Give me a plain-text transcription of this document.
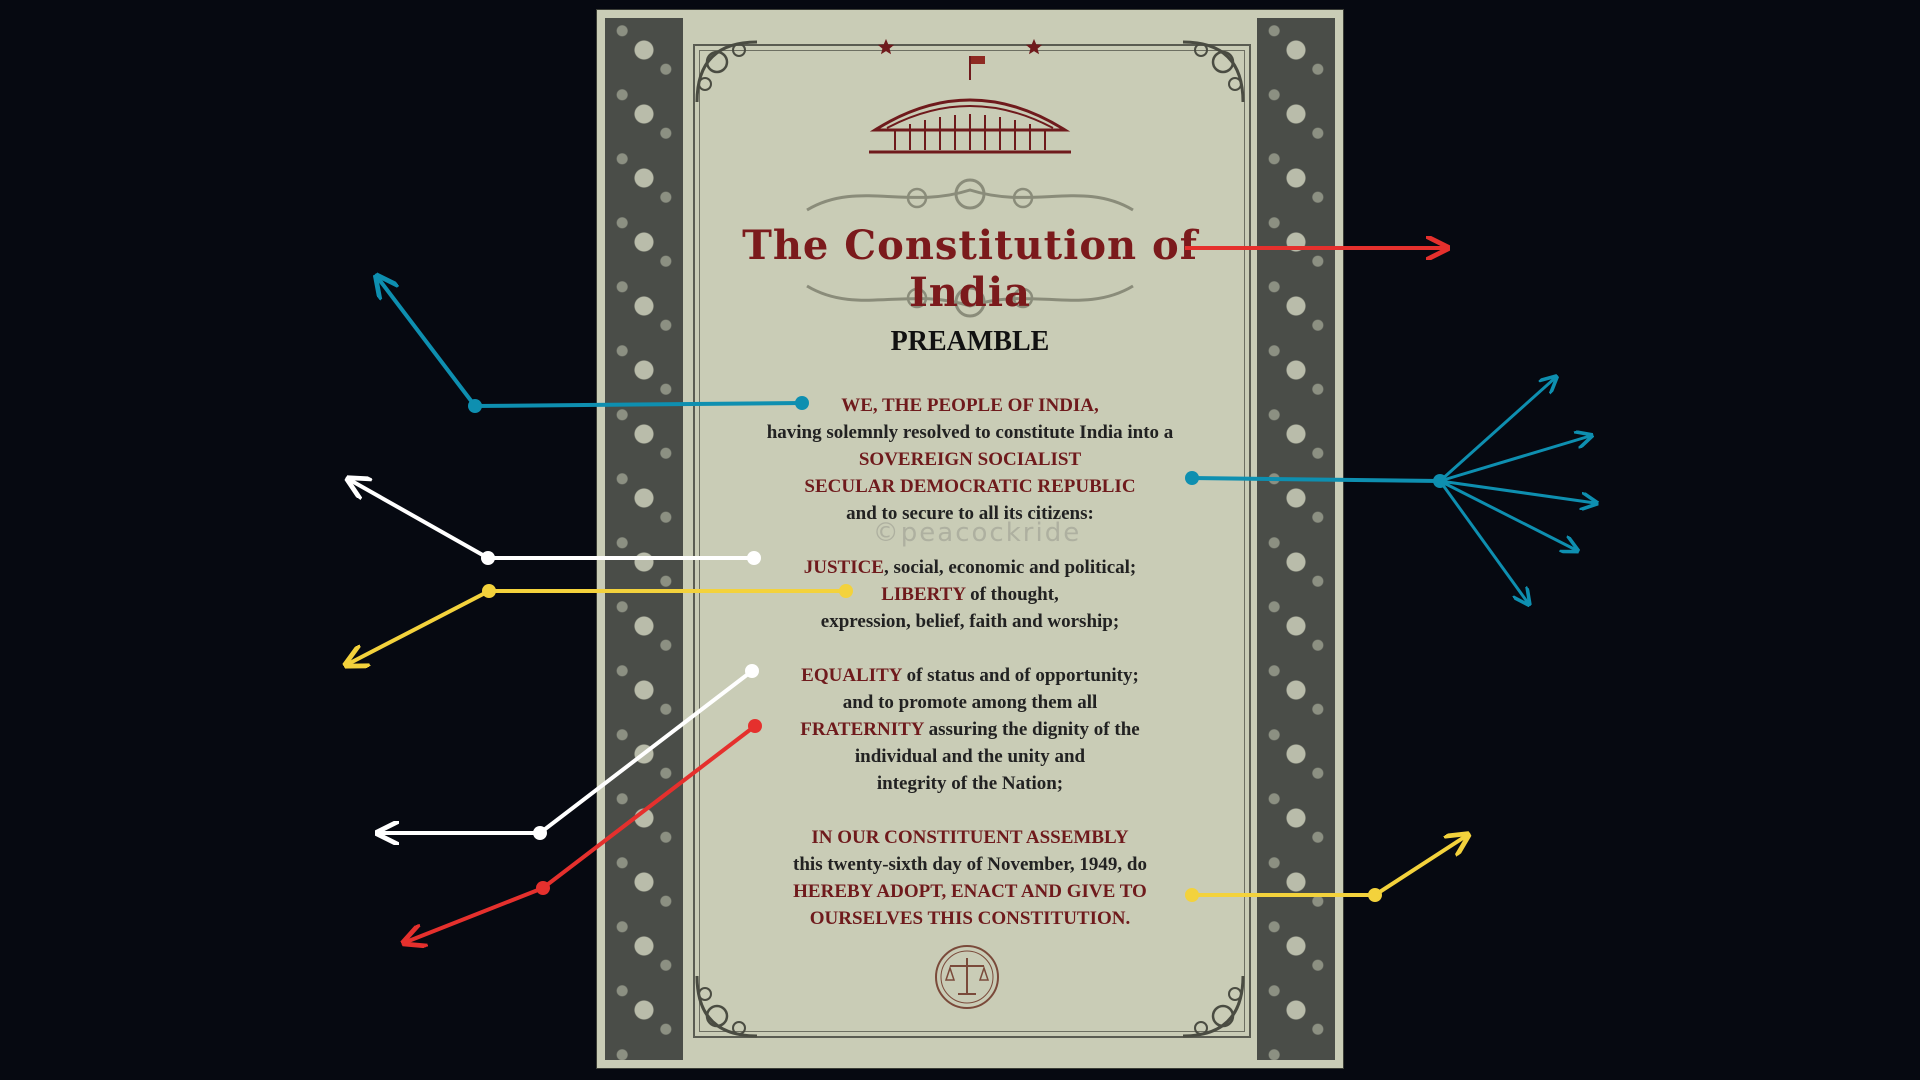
The Constitution of India
PREAMBLE
©peacockride
WE, THE PEOPLE OF INDIA,
having solemnly resolved to constitute India into a
SOVEREIGN SOCIALIST
SECULAR DEMOCRATIC REPUBLIC
and to secure to all its citizens:
JUSTICE, social, economic and political;
LIBERTY of thought,
expression, belief, faith and worship;
EQUALITY of status and of opportunity;
and to promote among them all
FRATERNITY assuring the dignity of the
individual and the unity and
integrity of the Nation;
IN OUR CONSTITUENT ASSEMBLY
this twenty-sixth day of November, 1949, do
HEREBY ADOPT, ENACT AND GIVE TO
OURSELVES THIS CONSTITUTION.
